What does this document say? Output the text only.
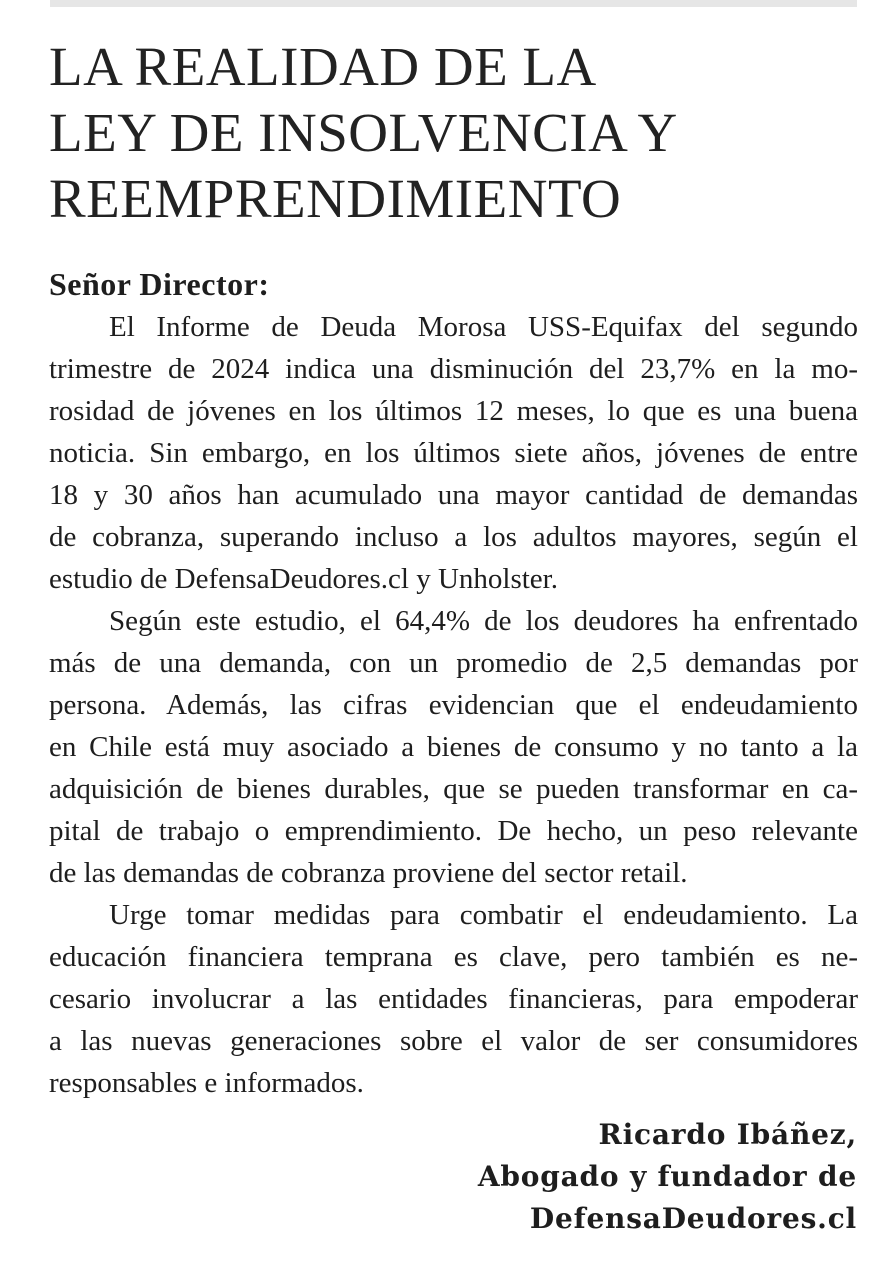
LA REALIDAD DE LA
LEY DE INSOLVENCIA Y
REEMPRENDIMIENTO

Señor Director:

El Informe de Deuda Morosa USS-Equifax del segundo
trimestre de 2024 indica una disminución del 23,7% en la mo-
rosidad de jóvenes en los últimos 12 meses, lo que es una buena
noticia. Sin embargo, en los últimos siete años, jóvenes de entre
18 y 30 años han acumulado una mayor cantidad de demandas
de cobranza, superando incluso a los adultos mayores, según el
estudio de DefensaDeudores.cl y Unholster.
Según este estudio, el 64,4% de los deudores ha enfrentado
más de una demanda, con un promedio de 2,5 demandas por
persona. Además, las cifras evidencian que el endeudamiento
en Chile está muy asociado a bienes de consumo y no tanto a la
adquisición de bienes durables, que se pueden transformar en ca-
pital de trabajo o emprendimiento. De hecho, un peso relevante
de las demandas de cobranza proviene del sector retail.
Urge tomar medidas para combatir el endeudamiento. La
educación financiera temprana es clave, pero también es ne-
cesario involucrar a las entidades financieras, para empoderar
a las nuevas generaciones sobre el valor de ser consumidores
responsables e informados.
Ricardo Ibáñez,
Abogado y fundador de
DefensaDeudores.cl
